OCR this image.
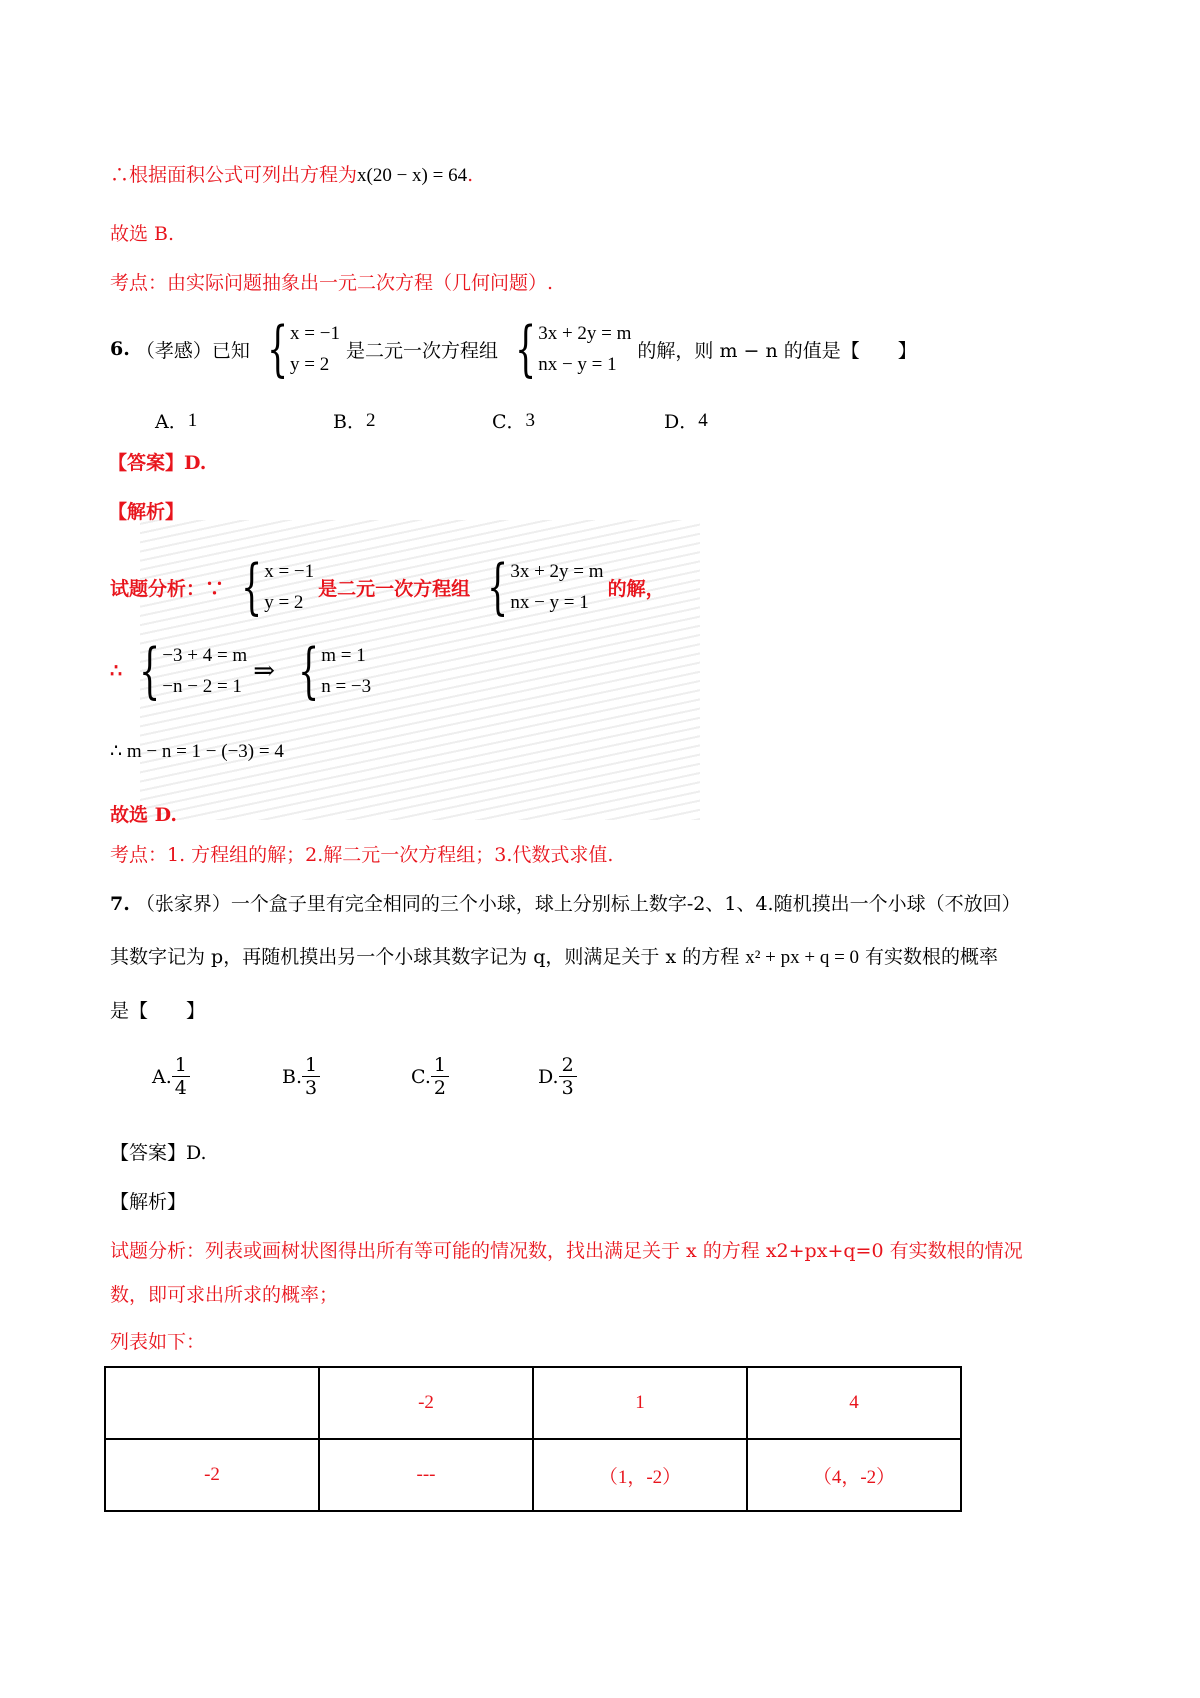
∴根据面积公式可列出方程为x(20 − x) = 64.
故选 B.
考点：由实际问题抽象出一元二次方程（几何问题）.
6. （孝感）已知 { x = −1
y = 2
是二元一次方程组 { 3x + 2y = m
nx − y = 1
的解，则 m − n 的值是【　　】
A． 1	B． 2	C． 3	D． 4
【答案】D.
【解析】
试题分析：∵ { x = −1
y = 2
是二元一次方程组 { 3x + 2y = m
nx − y = 1
的解，
∴ { −3 + 4 = m
−n − 2 = 1
⇒ { m = 1
n = −3
∴ m − n = 1 − (−3) = 4
故选 D.
考点：1. 方程组的解；2.解二元一次方程组；3.代数式求值.
7. （张家界）一个盒子里有完全相同的三个小球，球上分别标上数字-2、1、4.随机摸出一个小球（不放回）
其数字记为 p，再随机摸出另一个小球其数字记为 q，则满足关于 x 的方程 x² + px + q = 0 有实数根的概率
是【　　】
A. $\frac{1}{4}$	B. $\frac{1}{3}$	C. $\frac{1}{2}$	D. $\frac{2}{3}$
【答案】D.
【解析】
试题分析：列表或画树状图得出所有等可能的情况数，找出满足关于 x 的方程 x2+px+q=0 有实数根的情况
数，即可求出所求的概率；
列表如下：
	-2	1	4
-2	---	（1，-2）	（4，-2）
